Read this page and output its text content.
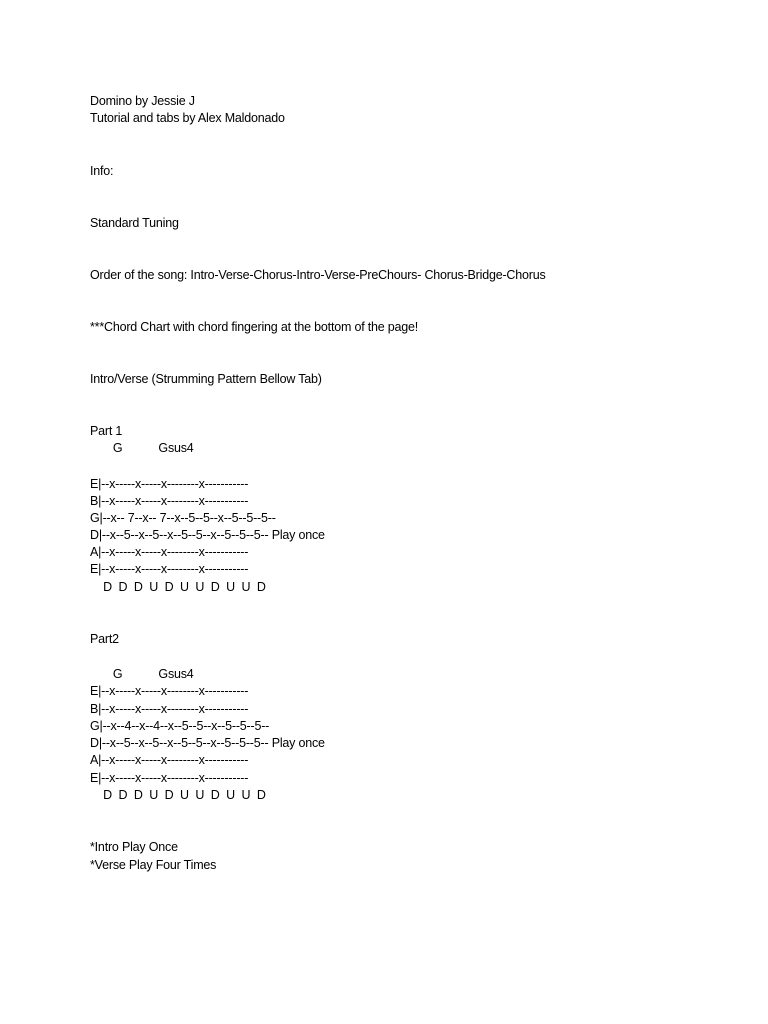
Domino by Jessie J
Tutorial and tabs by Alex Maldonado
Info:
Standard Tuning
Order of the song: Intro-Verse-Chorus-Intro-Verse-PreChours- Chorus-Bridge-Chorus
***Chord Chart with chord fingering at the bottom of the page!
Intro/Verse (Strumming Pattern Bellow Tab)
Part 1
G           Gsus4
E|--x-----x-----x--------x-----------
B|--x-----x-----x--------x-----------
G|--x-- 7--x-- 7--x--5--5--x--5--5--5--
D|--x--5--x--5--x--5--5--x--5--5--5-- Play once
A|--x-----x-----x--------x-----------
E|--x-----x-----x--------x-----------
D  D  D  U  D  U  U  D  U  U  D
Part2
G           Gsus4
E|--x-----x-----x--------x-----------
B|--x-----x-----x--------x-----------
G|--x--4--x--4--x--5--5--x--5--5--5--
D|--x--5--x--5--x--5--5--x--5--5--5-- Play once
A|--x-----x-----x--------x-----------
E|--x-----x-----x--------x-----------
D  D  D  U  D  U  U  D  U  U  D
*Intro Play Once
*Verse Play Four Times
